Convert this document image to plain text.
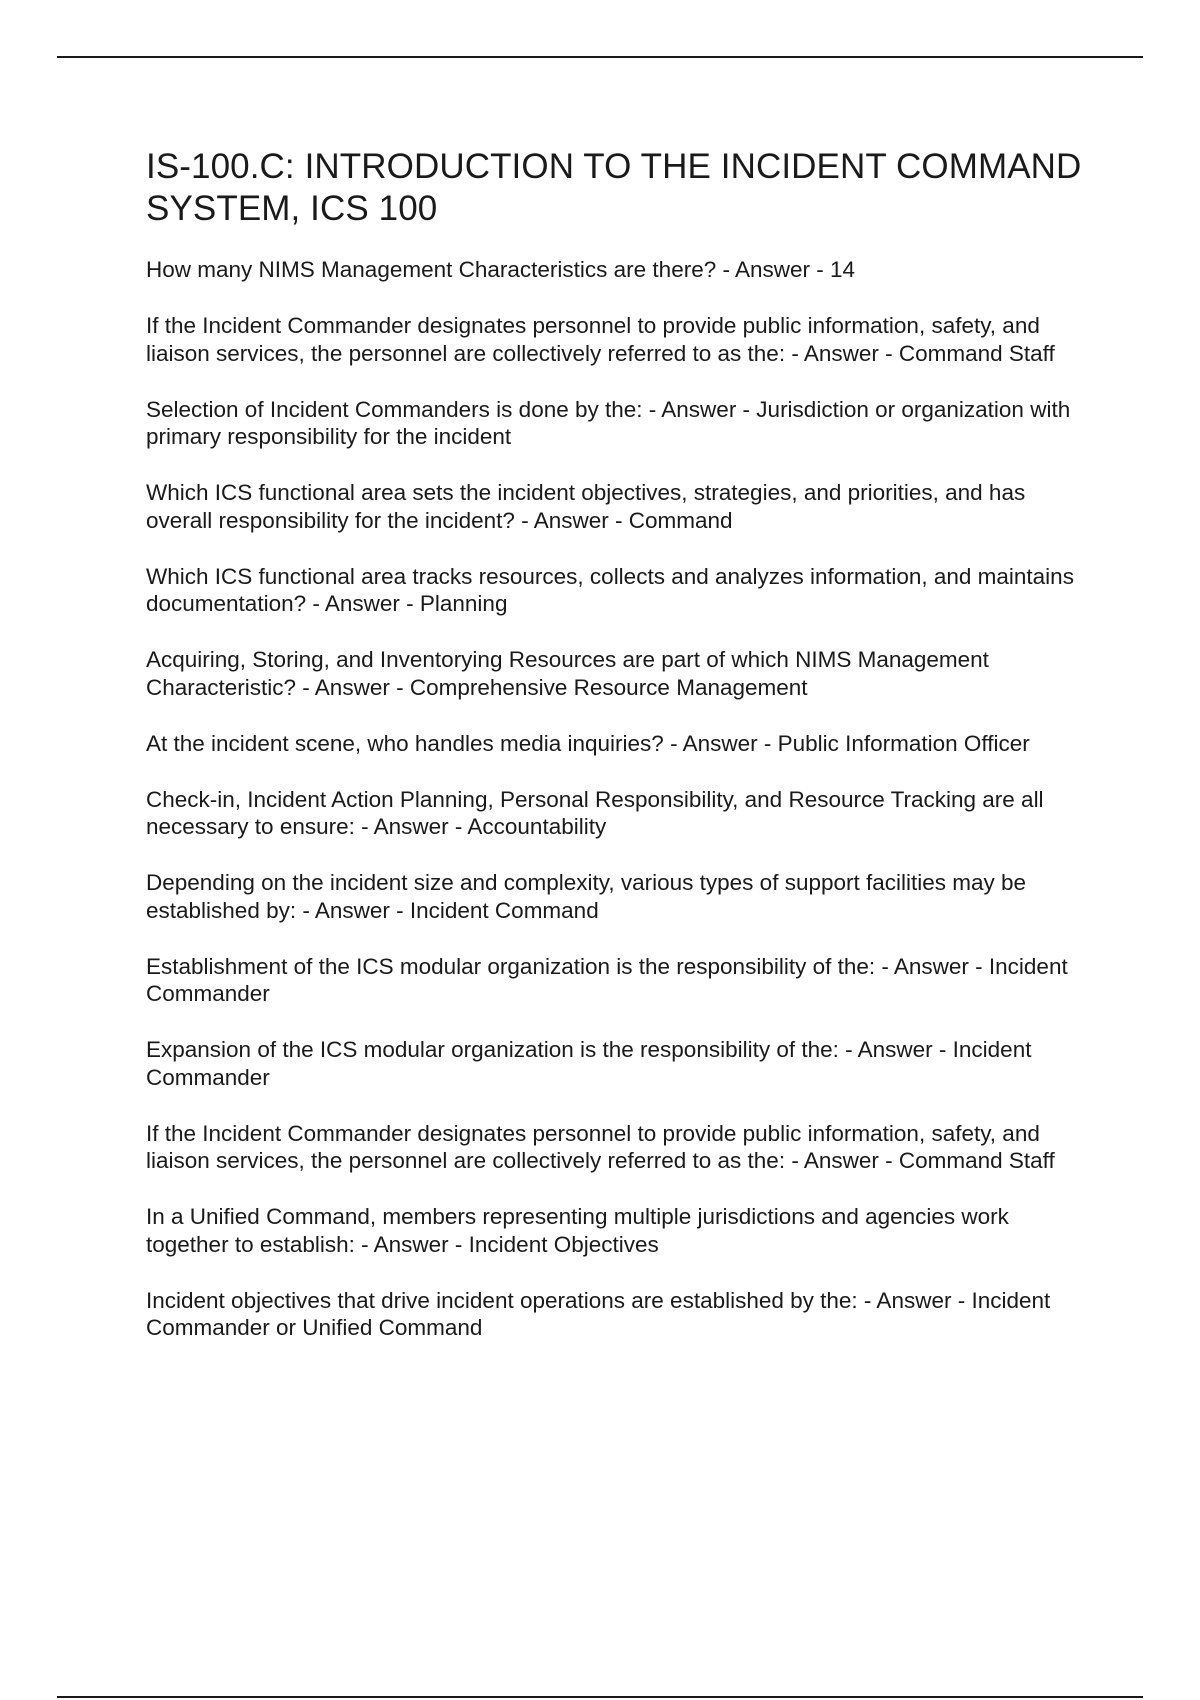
IS-100.C: INTRODUCTION TO THE INCIDENT COMMAND SYSTEM, ICS 100
How many NIMS Management Characteristics are there? - Answer - 14
If the Incident Commander designates personnel to provide public information, safety, and liaison services, the personnel are collectively referred to as the: - Answer - Command Staff
Selection of Incident Commanders is done by the: - Answer - Jurisdiction or organization with primary responsibility for the incident
Which ICS functional area sets the incident objectives, strategies, and priorities, and has overall responsibility for the incident? - Answer - Command
Which ICS functional area tracks resources, collects and analyzes information, and maintains documentation? - Answer - Planning
Acquiring, Storing, and Inventorying Resources are part of which NIMS Management Characteristic? - Answer - Comprehensive Resource Management
At the incident scene, who handles media inquiries? - Answer - Public Information Officer
Check-in, Incident Action Planning, Personal Responsibility, and Resource Tracking are all necessary to ensure: - Answer - Accountability
Depending on the incident size and complexity, various types of support facilities may be established by: - Answer - Incident Command
Establishment of the ICS modular organization is the responsibility of the: - Answer - Incident Commander
Expansion of the ICS modular organization is the responsibility of the: - Answer - Incident Commander
If the Incident Commander designates personnel to provide public information, safety, and liaison services, the personnel are collectively referred to as the: - Answer - Command Staff
In a Unified Command, members representing multiple jurisdictions and agencies work together to establish: - Answer - Incident Objectives
Incident objectives that drive incident operations are established by the: - Answer - Incident Commander or Unified Command
